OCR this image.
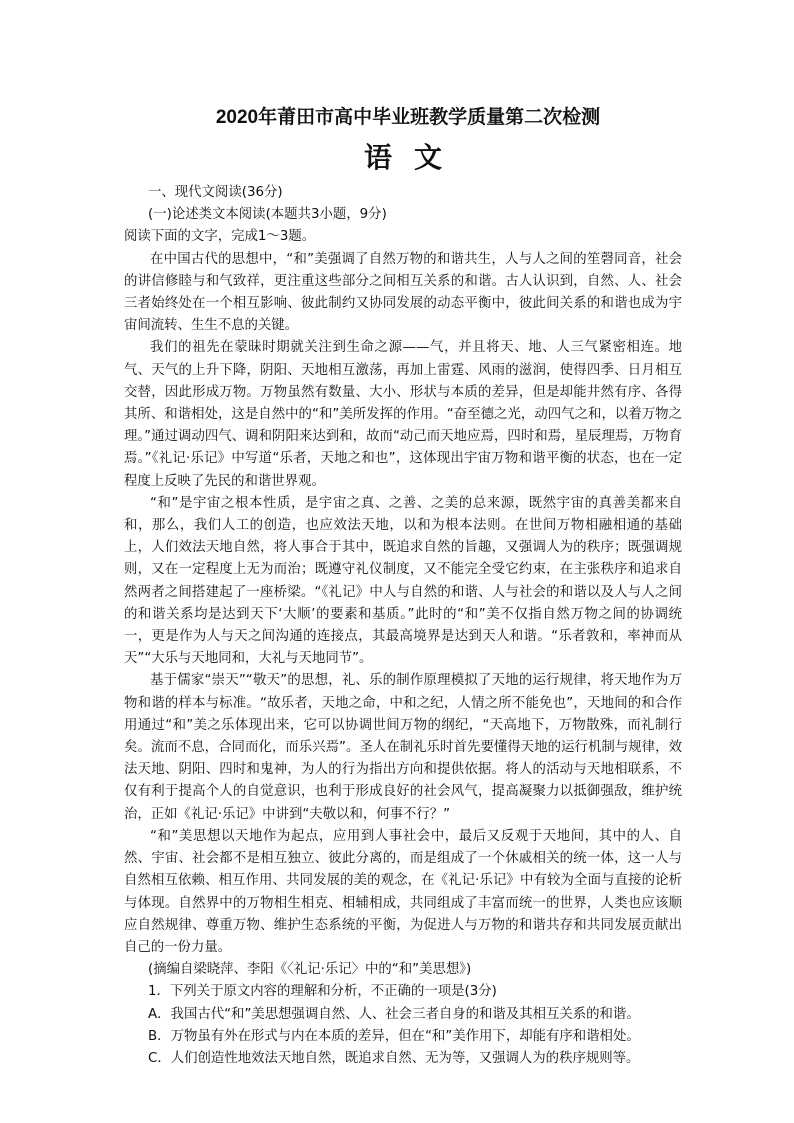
2020年莆田市高中毕业班教学质量第二次检测
语文

一、现代文阅读(36分)

(一)论述类文本阅读(本题共3小题，9分)

阅读下面的文字，完成1～3题。

在中国古代的思想中，“和”美强调了自然万物的和谐共生，人与人之间的笙磬同音，社会的讲信修睦与和气致祥，更注重这些部分之间相互关系的和谐。古人认识到，自然、人、社会三者始终处在一个相互影响、彼此制约又协同发展的动态平衡中，彼此间关系的和谐也成为宇宙间流转、生生不息的关键。

我们的祖先在蒙昧时期就关注到生命之源——气，并且将天、地、人三气紧密相连。地气、天气的上升下降，阴阳、天地相互激荡，再加上雷霆、风雨的滋润，使得四季、日月相互交替，因此形成万物。万物虽然有数量、大小、形状与本质的差异，但是却能井然有序、各得其所、和谐相处，这是自然中的“和”美所发挥的作用。“奋至德之光，动四气之和，以着万物之理。”通过调动四气、调和阴阳来达到和，故而“动己而天地应焉，四时和焉，星辰理焉，万物育焉。”《礼记·乐记》中写道“乐者，天地之和也”，这体现出宇宙万物和谐平衡的状态，也在一定程度上反映了先民的和谐世界观。

“和”是宇宙之根本性质，是宇宙之真、之善、之美的总来源，既然宇宙的真善美都来自和，那么，我们人工的创造，也应效法天地，以和为根本法则。在世间万物相融相通的基础上，人们效法天地自然，将人事合于其中，既追求自然的旨趣，又强调人为的秩序；既强调规则，又在一定程度上无为而治；既遵守礼仪制度，又不能完全受它约束，在主张秩序和追求自然两者之间搭建起了一座桥梁。“《礼记》中人与自然的和谐、人与社会的和谐以及人与人之间的和谐关系均是达到天下‘大顺’的要素和基质。”此时的“和”美不仅指自然万物之间的协调统一，更是作为人与天之间沟通的连接点，其最高境界是达到天人和谐。“乐者敦和，率神而从天”“大乐与天地同和，大礼与天地同节”。

基于儒家“崇天”“敬天”的思想，礼、乐的制作原理模拟了天地的运行规律，将天地作为万物和谐的样本与标准。“故乐者，天地之命，中和之纪，人情之所不能免也”，天地间的和合作用通过“和”美之乐体现出来，它可以协调世间万物的纲纪，“天高地下，万物散殊，而礼制行矣。流而不息，合同而化，而乐兴焉”。圣人在制礼乐时首先要懂得天地的运行机制与规律，效法天地、阴阳、四时和鬼神，为人的行为指出方向和提供依据。将人的活动与天地相联系，不仅有利于提高个人的自觉意识，也利于形成良好的社会风气，提高凝聚力以抵御强敌，维护统治，正如《礼记·乐记》中讲到“夫敬以和，何事不行？”

“和”美思想以天地作为起点，应用到人事社会中，最后又反观于天地间，其中的人、自然、宇宙、社会都不是相互独立、彼此分离的，而是组成了一个休戚相关的统一体，这一人与自然相互依赖、相互作用、共同发展的美的观念，在《礼记·乐记》中有较为全面与直接的论析与体现。自然界中的万物相生相克、相辅相成，共同组成了丰富而统一的世界，人类也应该顺应自然规律、尊重万物、维护生态系统的平衡，为促进人与万物的和谐共存和共同发展贡献出自己的一份力量。

(摘编自梁晓萍、李阳《〈礼记·乐记〉中的“和”美思想》)

1．下列关于原文内容的理解和分析，不正确的一项是(3分)

A．我国古代“和”美思想强调自然、人、社会三者自身的和谐及其相互关系的和谐。

B．万物虽有外在形式与内在本质的差异，但在“和”美作用下，却能有序和谐相处。

C．人们创造性地效法天地自然，既追求自然、无为等，又强调人为的秩序规则等。
